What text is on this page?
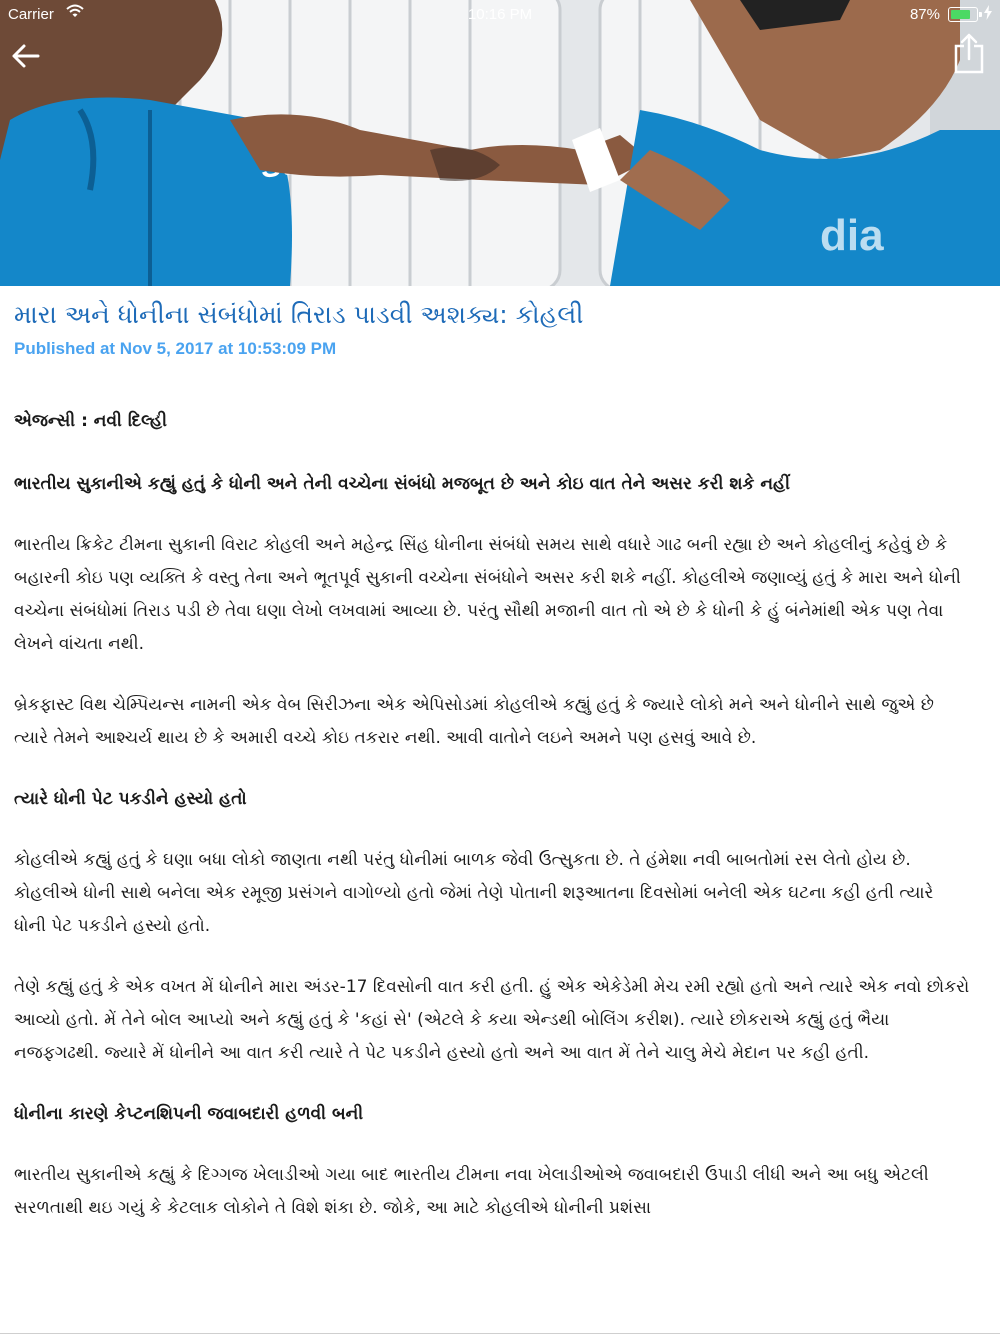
dia
Carrier	10:16 PM	87%
મારા અને ધોનીના સંબંધોમાં તિરાડ પાડવી અશક્ય: કોહલી

Published at Nov 5, 2017 at 10:53:09 PM

એજન્સી : નવી દિલ્હી

ભારતીય સુકાનીએ કહ્યું હતું કે ધોની અને તેની વચ્ચેના સંબંધો મજબૂત છે અને કોઇ વાત તેને અસર કરી શકે નહીં

ભારતીય ક્રિકેટ ટીમના સુકાની વિરાટ કોહલી અને મહેન્દ્ર સિંહ ધોનીના સંબંધો સમય સાથે વધારે ગાઢ બની રહ્યા છે અને કોહલીનું કહેવું છે કે બહારની કોઇ પણ વ્યક્તિ કે વસ્તુ તેના અને ભૂતપૂર્વ સુકાની વચ્ચેના સંબંધોને અસર કરી શકે નહીં. કોહલીએ જણાવ્યું હતું કે મારા અને ધોની વચ્ચેના સંબંધોમાં તિરાડ પડી છે તેવા ઘણા લેખો લખવામાં આવ્યા છે. પરંતુ સૌથી મજાની વાત તો એ છે કે ધોની કે હું બંનેમાંથી એક પણ તેવા લેખને વાંચતા નથી.

બ્રેકફાસ્ટ વિથ ચેમ્પિયન્સ નામની એક વેબ સિરીઝના એક એપિસોડમાં કોહલીએ કહ્યું હતું કે જ્યારે લોકો મને અને ધોનીને સાથે જુએ છે ત્યારે તેમને આશ્ચર્ય થાય છે કે અમારી વચ્ચે કોઇ તકરાર નથી. આવી વાતોને લઇને અમને પણ હસવું આવે છે.

ત્યારે ધોની પેટ પકડીને હસ્યો હતો

કોહલીએ કહ્યું હતું કે ઘણા બધા લોકો જાણતા નથી પરંતુ ધોનીમાં બાળક જેવી ઉત્સુકતા છે. તે હંમેશા નવી બાબતોમાં રસ લેતો હોય છે. કોહલીએ ધોની સાથે બનેલા એક રમૂજી પ્રસંગને વાગોળ્યો હતો જેમાં તેણે પોતાની શરૂઆતના દિવસોમાં બનેલી એક ઘટના કહી હતી ત્યારે ધોની પેટ પકડીને હસ્યો હતો.

તેણે કહ્યું હતું કે એક વખત મેં ધોનીને મારા અંડર-17 દિવસોની વાત કરી હતી. હું એક એકેડેમી મેચ રમી રહ્યો હતો અને ત્યારે એક નવો છોકરો આવ્યો હતો. મેં તેને બોલ આપ્યો અને કહ્યું હતું કે 'કહાં સે' (એટલે કે કયા એન્ડથી બોલિંગ કરીશ). ત્યારે છોકરાએ કહ્યું હતું ભૈયા નજફગઢથી. જ્યારે મેં ધોનીને આ વાત કરી ત્યારે તે પેટ પકડીને હસ્યો હતો અને આ વાત મેં તેને ચાલુ મેચે મેદાન પર કહી હતી.

ધોનીના કારણે કેપ્ટનશિપની જવાબદારી હળવી બની

ભારતીય સુકાનીએ કહ્યું કે દિગ્ગજ ખેલાડીઓ ગયા બાદ ભારતીય ટીમના નવા ખેલાડીઓએ જવાબદારી ઉપાડી લીધી અને આ બધુ એટલી સરળતાથી થઇ ગયું કે કેટલાક લોકોને તે વિશે શંકા છે. જોકે, આ માટે કોહલીએ ધોનીની પ્રશંસા
